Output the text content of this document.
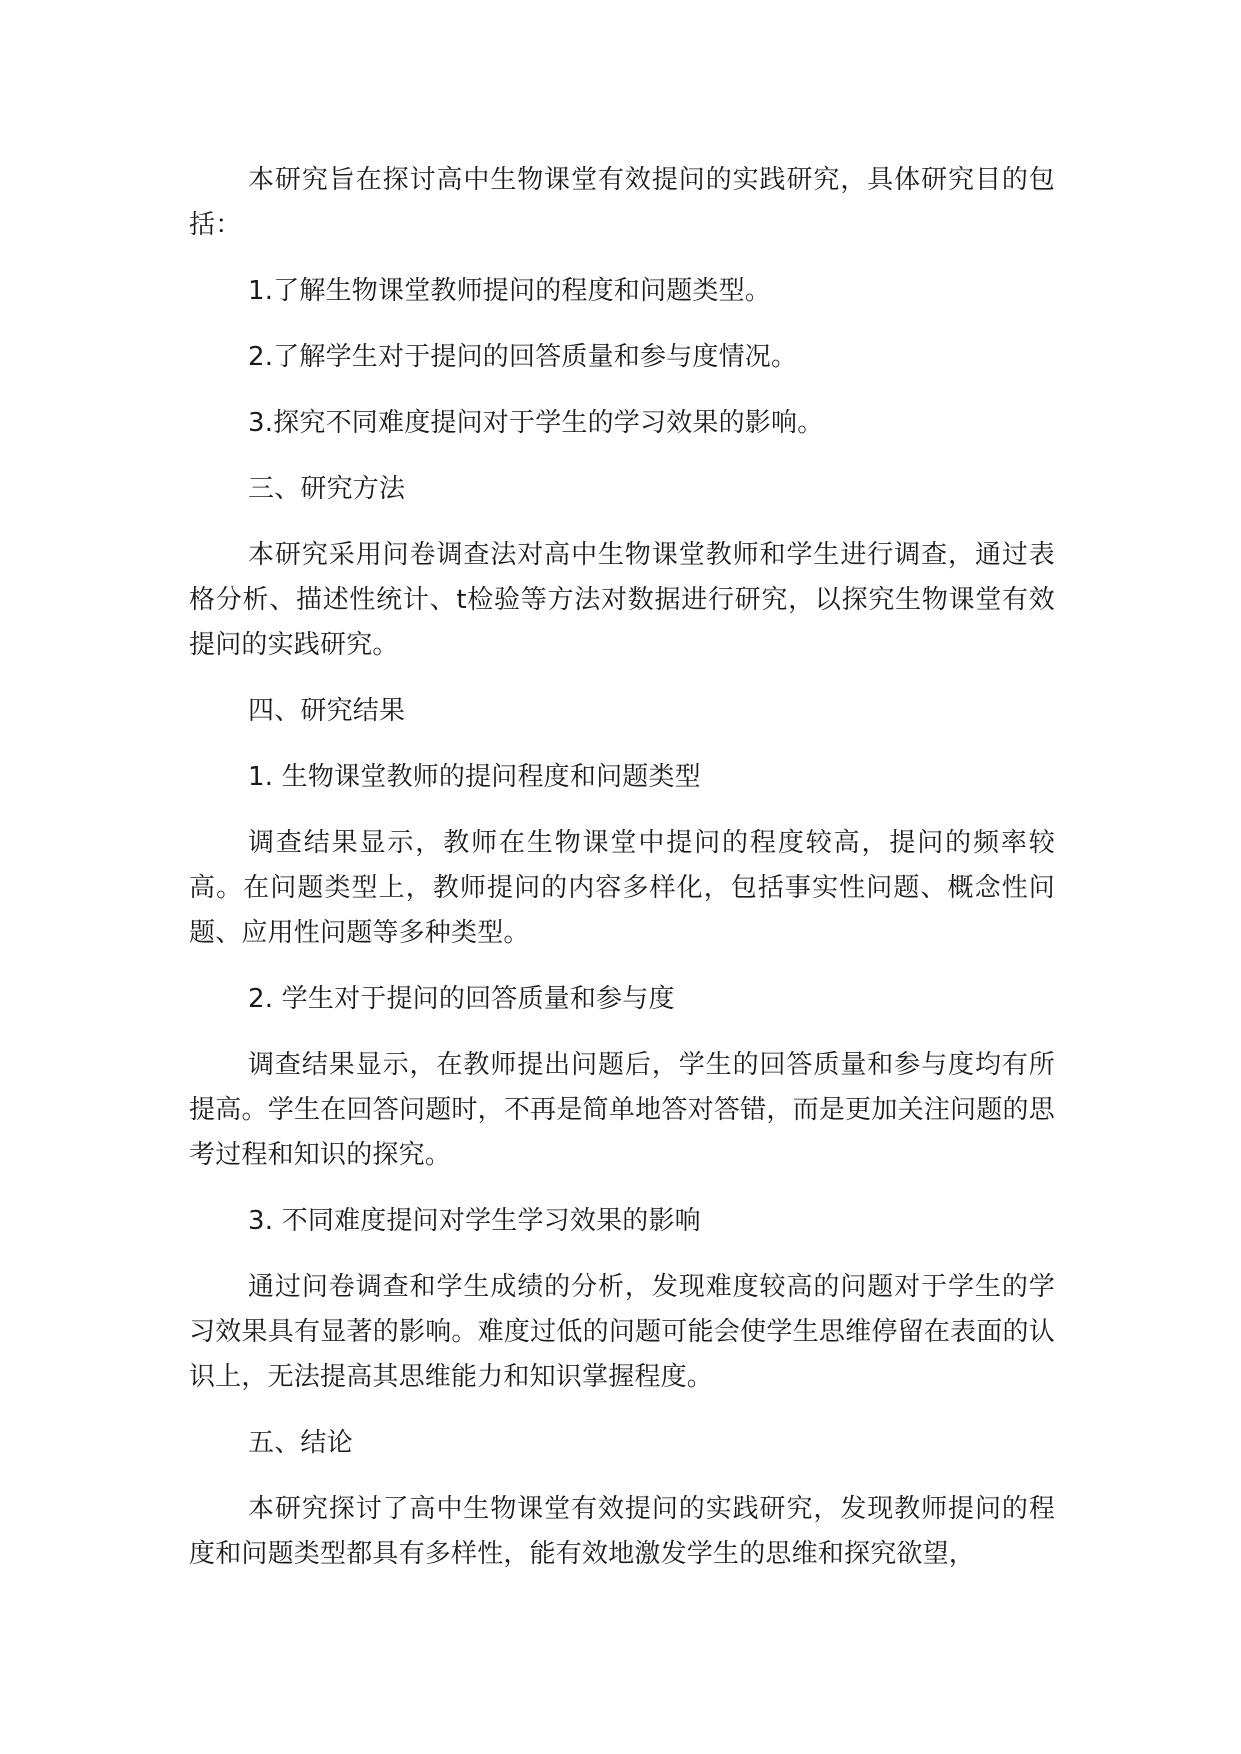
本研究旨在探讨高中生物课堂有效提问的实践研究，具体研究目的包括：

1.了解生物课堂教师提问的程度和问题类型。

2.了解学生对于提问的回答质量和参与度情况。

3.探究不同难度提问对于学生的学习效果的影响。

三、研究方法

本研究采用问卷调查法对高中生物课堂教师和学生进行调查，通过表格分析、描述性统计、t检验等方法对数据进行研究，以探究生物课堂有效提问的实践研究。

四、研究结果

1. 生物课堂教师的提问程度和问题类型

调查结果显示，教师在生物课堂中提问的程度较高，提问的频率较高。在问题类型上，教师提问的内容多样化，包括事实性问题、概念性问题、应用性问题等多种类型。

2. 学生对于提问的回答质量和参与度

调查结果显示，在教师提出问题后，学生的回答质量和参与度均有所提高。学生在回答问题时，不再是简单地答对答错，而是更加关注问题的思考过程和知识的探究。

3. 不同难度提问对学生学习效果的影响

通过问卷调查和学生成绩的分析，发现难度较高的问题对于学生的学习效果具有显著的影响。难度过低的问题可能会使学生思维停留在表面的认识上，无法提高其思维能力和知识掌握程度。

五、结论

本研究探讨了高中生物课堂有效提问的实践研究，发现教师提问的程度和问题类型都具有多样性，能有效地激发学生的思维和探究欲望，
